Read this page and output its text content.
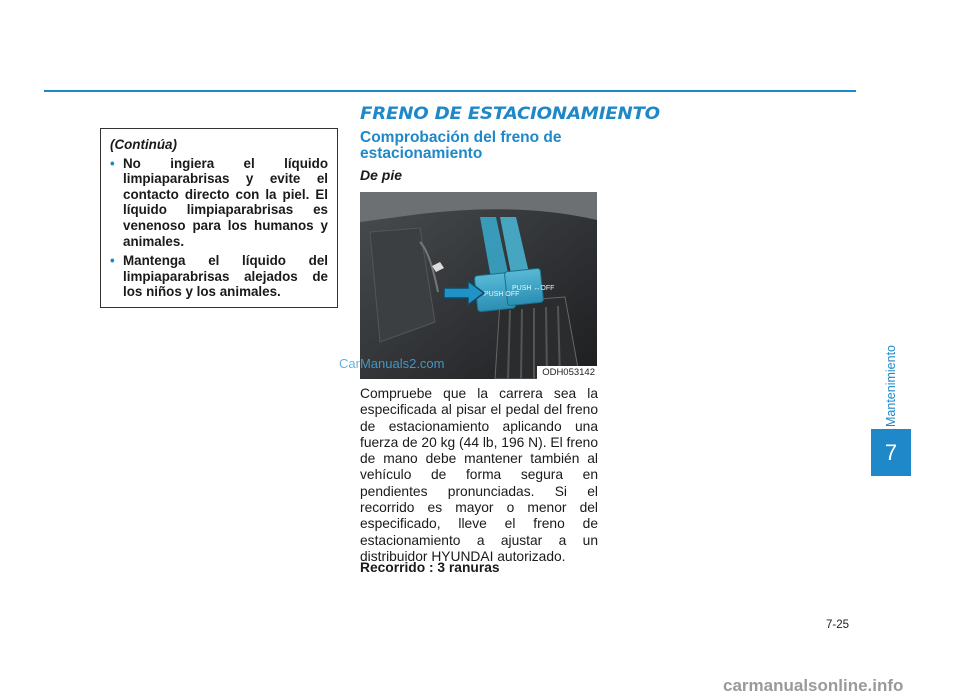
(Continúa)
• No ingiera el líquido limpiaparabrisas y evite el contacto directo con la piel. El líquido limpiaparabrisas es venenoso para los humanos y animales.
• Mantenga el líquido del limpiaparabrisas alejados de los niños y los animales.
FRENO DE ESTACIONAMIENTO
Comprobación del freno de estacionamiento
De pie
PUSH OFF
PUSH ↔OFF
ODH053142
CarManuals2.com

Compruebe que la carrera sea la especificada al pisar el pedal del freno de estacionamiento aplicando una fuerza de 20 kg (44 lb, 196 N). El freno de mano debe mantener también al vehículo de forma segura en pendientes pronunciadas. Si el recorrido es mayor o menor del especificado, lleve el freno de estacionamiento a ajustar a un distribuidor HYUNDAI autorizado.

Recorrido : 3 ranuras

Mantenimiento
7
7-25
carmanualsonline.info
